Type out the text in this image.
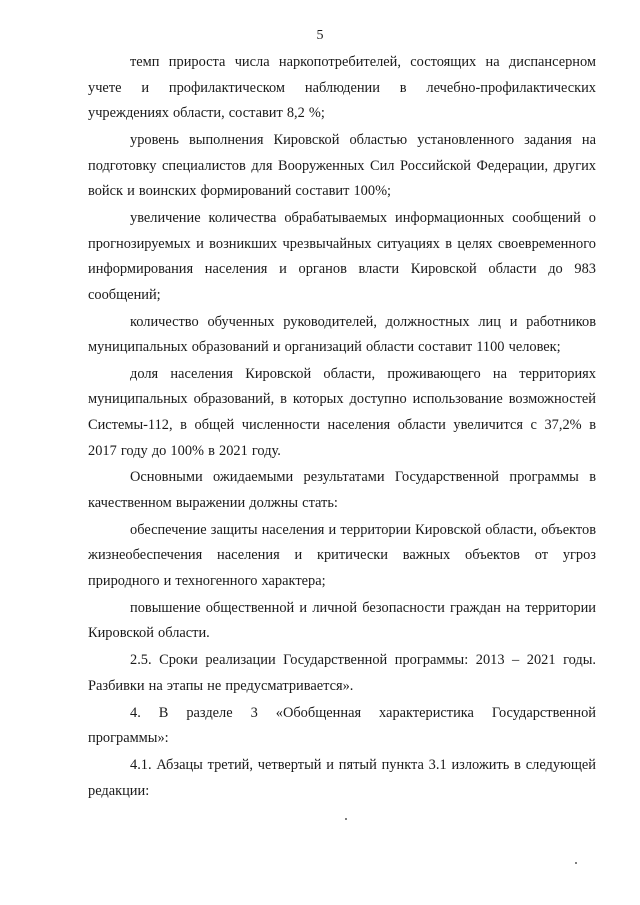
5

темп прироста числа наркопотребителей, состоящих на диспансерном учете и профилактическом наблюдении в лечебно-профилактических учреждениях области, составит 8,2 %;

уровень выполнения Кировской областью установленного задания на подготовку специалистов для Вооруженных Сил Российской Федерации, других войск и воинских формирований составит 100%;

увеличение количества обрабатываемых информационных сообщений о прогнозируемых и возникших чрезвычайных ситуациях в целях своевременного информирования населения и органов власти Кировской области до 983 сообщений;

количество обученных руководителей, должностных лиц и работников муниципальных образований и организаций области составит 1100 человек;

доля населения Кировской области, проживающего на территориях муниципальных образований, в которых доступно использование возможностей Системы-112, в общей численности населения области увеличится с 37,2% в 2017 году до 100% в 2021 году.

Основными ожидаемыми результатами Государственной программы в качественном выражении должны стать:

обеспечение защиты населения и территории Кировской области, объектов жизнеобеспечения населения и критически важных объектов от угроз природного и техногенного характера;

повышение общественной и личной безопасности граждан на территории Кировской области.

2.5. Сроки реализации Государственной программы: 2013 – 2021 годы. Разбивки на этапы не предусматривается».

4. В разделе 3 «Обобщенная характеристика Государственной программы»:

4.1. Абзацы третий, четвертый и пятый пункта 3.1 изложить в следующей редакции:
